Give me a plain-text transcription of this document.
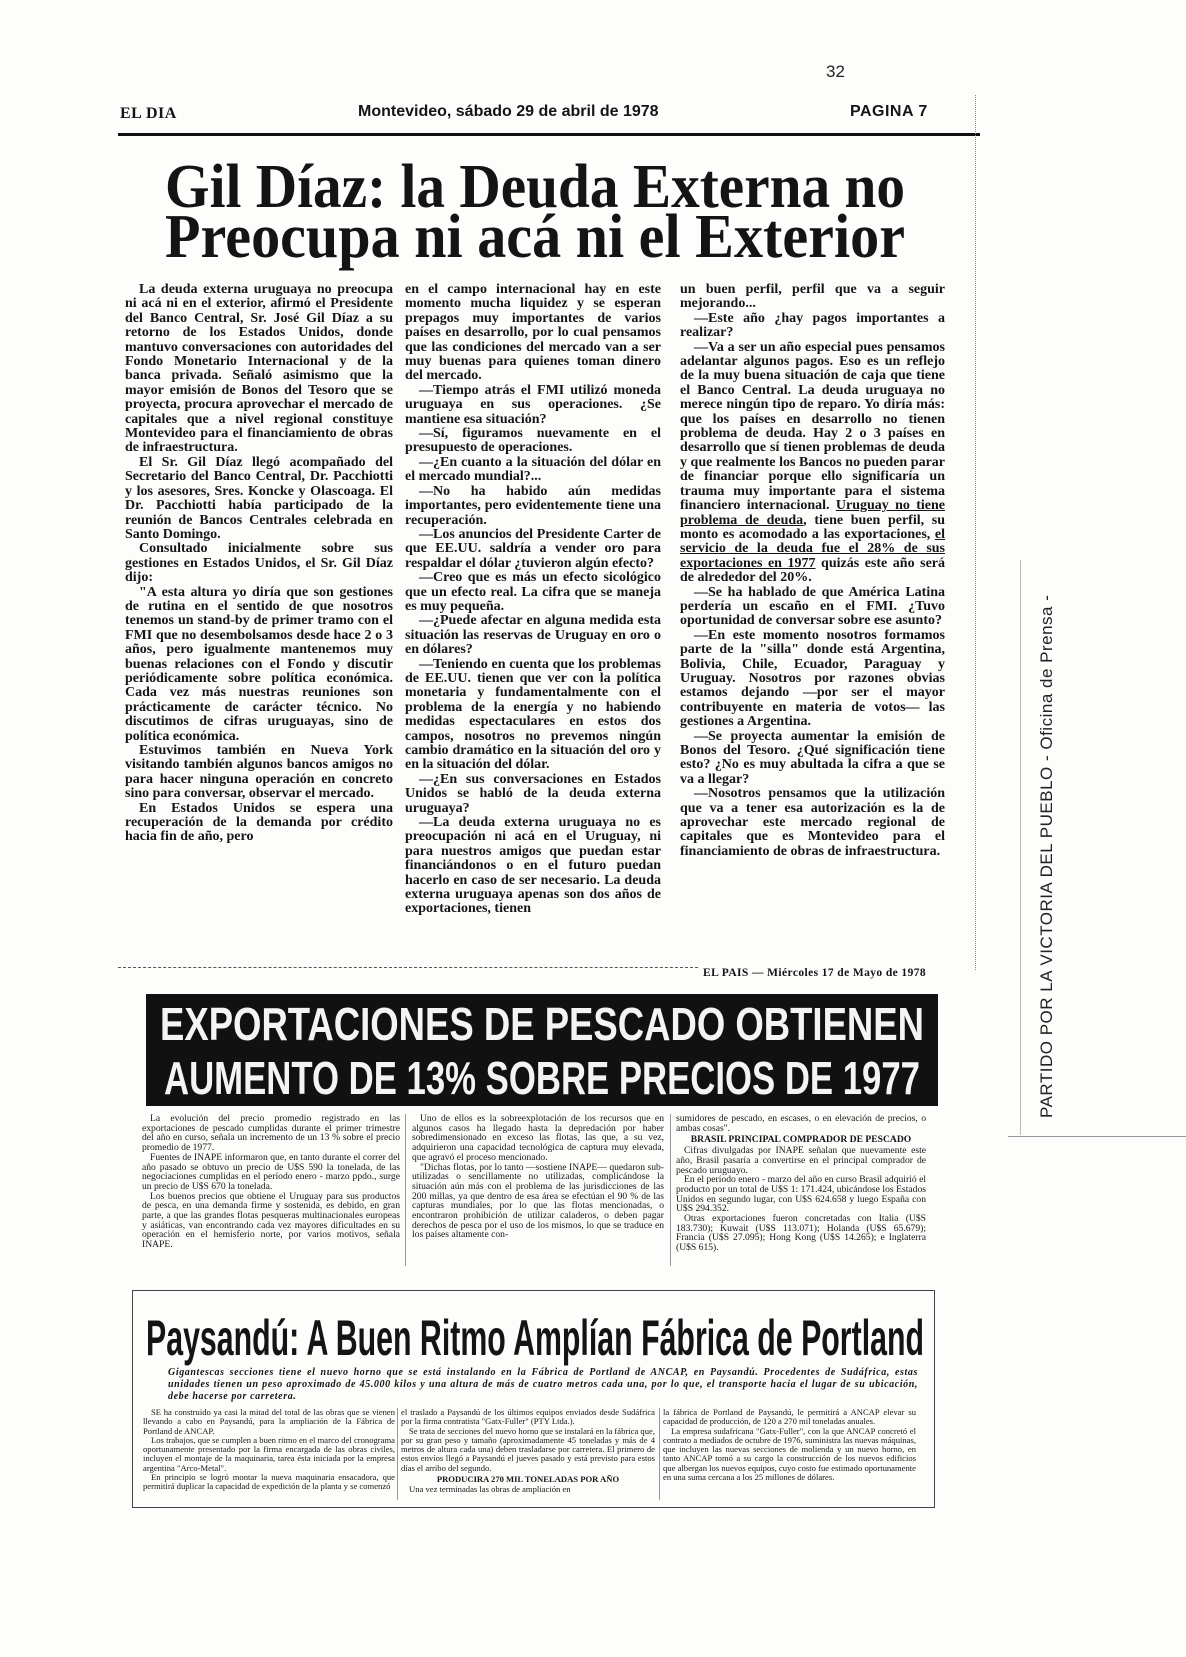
32
EL DIA	Montevideo, sábado 29 de abril de 1978	PAGINA 7
Gil Díaz: la Deuda Externa no
Preocupa ni acá ni el Exterior

La deuda externa uruguaya no preocupa ni acá ni en el exterior, afirmó el Presidente del Banco Central, Sr. José Gil Díaz a su retorno de los Estados Unidos, donde mantuvo conversaciones con autoridades del Fondo Monetario Internacional y de la banca privada. Señaló asimismo que la mayor emisión de Bonos del Tesoro que se proyecta, procura aprovechar el mercado de capitales que a nivel regional constituye Montevideo para el financiamiento de obras de infraestructura.

El Sr. Gil Díaz llegó acompañado del Secretario del Banco Central, Dr. Pacchiotti y los asesores, Sres. Koncke y Olascoaga. El Dr. Pacchiotti había participado de la reunión de Bancos Centrales celebrada en Santo Domingo.

Consultado inicialmente sobre sus gestiones en Estados Unidos, el Sr. Gil Díaz dijo:

"A esta altura yo diría que son gestiones de rutina en el sentido de que nosotros tenemos un stand-by de primer tramo con el FMI que no desembolsamos desde hace 2 o 3 años, pero igualmente mantenemos muy buenas relaciones con el Fondo y discutir periódicamente sobre política económica. Cada vez más nuestras reuniones son prácticamente de carácter técnico. No discutimos de cifras uruguayas, sino de política económica.

Estuvimos también en Nueva York visitando también algunos bancos amigos no para hacer ninguna operación en concreto sino para conversar, observar el mercado.

En Estados Unidos se espera una recuperación de la demanda por crédito hacia fin de año, pero

en el campo internacional hay en este momento mucha liquidez y se esperan prepagos muy importantes de varios países en desarrollo, por lo cual pensamos que las condiciones del mercado van a ser muy buenas para quienes toman dinero del mercado.

—Tiempo atrás el FMI utilizó moneda uruguaya en sus operaciones. ¿Se mantiene esa situación?

—Sí, figuramos nuevamente en el presupuesto de operaciones.

—¿En cuanto a la situación del dólar en el mercado mundial?...

—No ha habido aún medidas importantes, pero evidentemente tiene una recuperación.

—Los anuncios del Presidente Carter de que EE.UU. saldría a vender oro para respaldar el dólar ¿tuvieron algún efecto?

—Creo que es más un efecto sicológico que un efecto real. La cifra que se maneja es muy pequeña.

—¿Puede afectar en alguna medida esta situación las reservas de Uruguay en oro o en dólares?

—Teniendo en cuenta que los problemas de EE.UU. tienen que ver con la política monetaria y fundamentalmente con el problema de la energía y no habiendo medidas espectaculares en estos dos campos, nosotros no prevemos ningún cambio dramático en la situación del oro y en la situación del dólar.

—¿En sus conversaciones en Estados Unidos se habló de la deuda externa uruguaya?

—La deuda externa uruguaya no es preocupación ni acá en el Uruguay, ni para nuestros amigos que puedan estar financiándonos o en el futuro puedan hacerlo en caso de ser necesario. La deuda externa uruguaya apenas son dos años de exportaciones, tienen

un buen perfil, perfil que va a seguir mejorando...

—Este año ¿hay pagos importantes a realizar?

—Va a ser un año especial pues pensamos adelantar algunos pagos. Eso es un reflejo de la muy buena situación de caja que tiene el Banco Central. La deuda uruguaya no merece ningún tipo de reparo. Yo diría más: que los países en desarrollo no tienen problema de deuda. Hay 2 o 3 países en desarrollo que sí tienen problemas de deuda y que realmente los Bancos no pueden parar de financiar porque ello significaría un trauma muy importante para el sistema financiero internacional. Uruguay no tiene problema de deuda, tiene buen perfil, su monto es acomodado a las exportaciones, el servicio de la deuda fue el 28% de sus exportaciones en 1977 quizás este año será de alrededor del 20%.

—Se ha hablado de que América Latina perdería un escaño en el FMI. ¿Tuvo oportunidad de conversar sobre ese asunto?

—En este momento nosotros formamos parte de la "silla" donde está Argentina, Bolivia, Chile, Ecuador, Paraguay y Uruguay. Nosotros por razones obvias estamos dejando —por ser el mayor contribuyente en materia de votos— las gestiones a Argentina.

—Se proyecta aumentar la emisión de Bonos del Tesoro. ¿Qué significación tiene esto? ¿No es muy abultada la cifra a que se va a llegar?

—Nosotros pensamos que la utilización que va a tener esa autorización es la de aprovechar este mercado regional de capitales que es Montevideo para el financiamiento de obras de infraestructura.

EL PAIS — Miércoles 17 de Mayo de 1978
EXPORTACIONES DE PESCADO OBTIENEN
AUMENTO DE 13% SOBRE PRECIOS DE 1977

La evolución del precio promedio registrado en las exportaciones de pescado cumplidas durante el primer trimestre del año en curso, señala un incremento de un 13 % sobre el precio promedio de 1977.

Fuentes de INAPE informaron que, en tanto durante el correr del año pasado se obtuvo un precio de U$S 590 la tonelada, de las negociaciones cumplidas en el período enero - marzo ppdo., surge un precio de U$S 670 la tonelada.

Los buenos precios que obtiene el Uruguay para sus productos de pesca, en una demanda firme y sostenida, es debido, en gran parte, a que las grandes flotas pesqueras multinacionales europeas y asiáticas, van encontrando cada vez mayores dificultades en su operación en el hemisferio norte, por varios motivos, señala INAPE.

Uno de ellos es la sobreexplotación de los recursos que en algunos casos ha llegado hasta la depredación por haber sobredimensionado en exceso las flotas, las que, a su vez, adquirieron una capacidad tecnológica de captura muy elevada, que agravó el proceso mencionado.

"Dichas flotas, por lo tanto —sostiene INAPE— quedaron sub-utilizadas o sencillamente no utilizadas, complicándose la situación aún más con el problema de las jurisdicciones de las 200 millas, ya que dentro de esa área se efectúan el 90 % de las capturas mundiales, por lo que las flotas mencionadas, o encontraron prohibición de utilizar caladeros, o deben pagar derechos de pesca por el uso de los mismos, lo que se traduce en los países altamente con-

sumidores de pescado, en escases, o en elevación de precios, o ambas cosas".

BRASIL PRINCIPAL COMPRADOR DE PESCADO

Cifras divulgadas por INAPE señalan que nuevamente este año, Brasil pasaría a convertirse en el principal comprador de pescado uruguayo.

En el período enero - marzo del año en curso Brasil adquirió el producto por un total de U$S 1: 171.424, ubicándose los Estados Unidos en segundo lugar, con U$S 624.658 y luego España con U$S 294.352.

Otras exportaciones fueron concretadas con Italia (U$S 183.730); Kuwait (U$S 113.071); Holanda (U$S 65.679); Francia (U$S 27.095); Hong Kong (U$S 14.265); e Inglaterra (U$S 615).

Paysandú: A Buen Ritmo Amplían Fábrica de Portland
Gigantescas secciones tiene el nuevo horno que se está instalando en la Fábrica de Portland de ANCAP, en Paysandú. Procedentes de Sudáfrica, estas unidades tienen un peso aproximado de 45.000 kilos y una altura de más de cuatro metros cada una, por lo que, el transporte hacia el lugar de su ubicación, debe hacerse por carretera.

SE ha construido ya casi la mitad del total de las obras que se vienen llevando a cabo en Paysandú, para la ampliación de la Fábrica de Portland de ANCAP.

Los trabajos, que se cumplen a buen ritmo en el marco del cronograma oportunamente presentado por la firma encargada de las obras civiles, incluyen el montaje de la maquinaria, tarea ésta iniciada por la empresa argentina "Arco-Metal".

En principio se logró montar la nueva maquinaria ensacadora, que permitirá duplicar la capacidad de expedición de la planta y se comenzó

el traslado a Paysandú de los últimos equipos enviados desde Sudáfrica por la firma contratista "Gatx-Fuller" (PTY Ltda.).

Se trata de secciones del nuevo horno que se instalará en la fábrica que, por su gran peso y tamaño (aproximadamente 45 toneladas y más de 4 metros de altura cada una) deben trasladarse por carretera. El primero de estos envíos llegó a Paysandú el jueves pasado y está previsto para estos días el arribo del segundo.

PRODUCIRA 270 MIL TONELADAS POR AÑO

Una vez terminadas las obras de ampliación en

la fábrica de Portland de Paysandú, le permitirá a ANCAP elevar su capacidad de producción, de 120 a 270 mil toneladas anuales.

La empresa sudafricana "Gatx-Fuller", con la que ANCAP concretó el contrato a mediados de octubre de 1976, suministra las nuevas máquinas, que incluyen las nuevas secciones de molienda y un nuevo horno, en tanto ANCAP tomó a su cargo la construcción de los nuevos edificios que albergan los nuevos equipos, cuyo costo fue estimado oportunamente en una suma cercana a los 25 millones de dólares.

PARTIDO POR LA VICTORIA DEL PUEBLO - Oficina de Prensa -
